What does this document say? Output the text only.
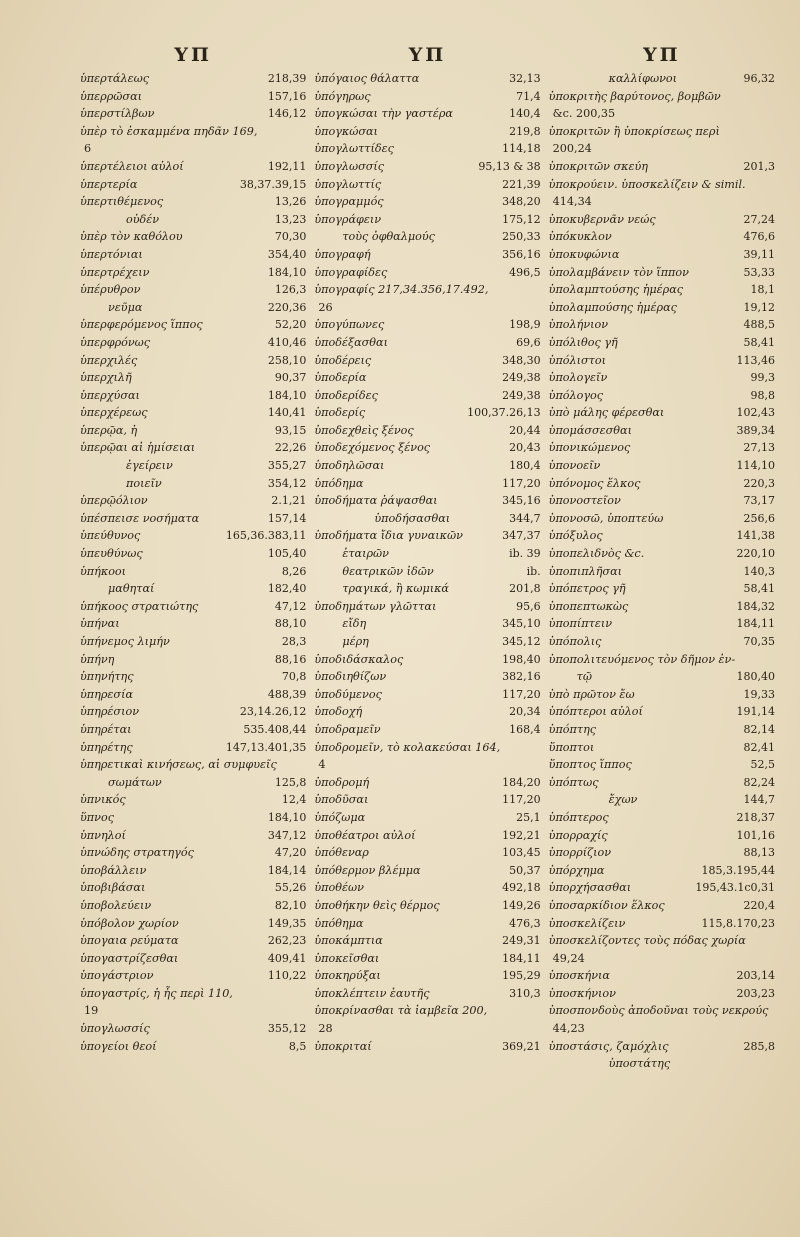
ΥΠ
ὑπερτάλεως	218,39
ὑπερρῶσαι	157,16
ὑπερστίλβων	146,12
ὑπὲρ τὸ ἐσκαμμένα πηδᾶν 169,
6
ὑπερτέλειοι αὐλοί	192,11
ὑπερτερία	38,37.39,15
ὑπερτιθέμενος	13,26
οὐδέν	13,23
ὑπὲρ τὸν καθόλου	70,30
ὑπερτόνιαι	354,40
ὑπερτρέχειν	184,10
ὑπέρυθρον	126,3
νεῦμα	220,36
ὑπερφερόμενος ἵππος	52,20
ὑπερφρόνως	410,46
ὑπερχιλές	258,10
ὑπερχιλῆ	90,37
ὑπερχύσαι	184,10
ὑπερχέρεως	140,41
ὑπερῷα, ἡ	93,15
ὑπερῷαι αἱ ἡμίσειαι	22,26
ἐγείρειν	355,27
ποιεῖν	354,12
ὑπερῷόλιον	2.1,21
ὑπέσπεισε νοσήματα	157,14
ὑπεύθυνος	165,36.383,11
ὑπευθύνως	105,40
ὑπήκοοι	8,26
μαθηταί	182,40
ὑπήκοος στρατιώτης	47,12
ὑπήναι	88,10
ὑπήνεμος λιμήν	28,3
ὑπήνη	88,16
ὑπηνήτης	70,8
ὑπηρεσία	488,39
ὑπηρέσιον	23,14.26,12
ὑπηρέται	535.408,44
ὑπηρέτης	147,13.401,35
ὑπηρετικαὶ κινήσεως, αἱ συμφυεῖς
σωμάτων	125,8
ὑπνικός	12,4
ὕπνος	184,10
ὑπνηλοί	347,12
ὑπνώδης στρατηγός	47,20
ὑποβάλλειν	184,14
ὑποβιβάσαι	55,26
ὑποβολεύειν	82,10
ὑπόβολον χωρίον	149,35
ὑπογαια ρεύματα	262,23
ὑπογαστρίζεσθαι	409,41
ὑπογάστριον	110,22
ὑπογαστρίς, ἡ ἧς περὶ 110,
19
ὑπογλωσσίς	355,12
ὑπογείοι θεοί	8,5
ΥΠ
ὑπόγαιος θάλαττα	32,13
ὑπόγηρως	71,4
ὑπογκώσαι τὴν γαστέρα	140,4
ὑπογκώσαι	219,8
ὑπογλωττίδες	114,18
ὑπογλωσσίς	95,13 & 38
ὑπογλωττίς	221,39
ὑπογραμμός	348,20
ὑπογράφειν	175,12
τοὺς ὀφθαλμούς	250,33
ὑπογραφή	356,16
ὑπογραφίδες	496,5
ὑπογραφίς 217,34.356,17.492,
26
ὑπογύπωνες	198,9
ὑποδέξασθαι	69,6
ὑποδέρεις	348,30
ὑποδερία	249,38
ὑποδερίδες	249,38
ὑποδερίς	100,37.26,13
ὑποδεχθεὶς ξένος	20,44
ὑποδεχόμενος ξένος	20,43
ὑποδηλῶσαι	180,4
ὑπόδημα	117,20
ὑποδήματα ῥάψασθαι	345,16
ὑποδήσασθαι	344,7
ὑποδήματα ἴδια γυναικῶν	347,37
ἑταιρῶν	ib. 39
θεατρικῶν ἰδῶν	ib.
τραγικά, ἢ κωμικά	201,8
ὑποδημάτων γλῶτται	95,6
εἴδη	345,10
μέρη	345,12
ὑποδιδάσκαλος	198,40
ὑποδιηθίζων	382,16
ὑποδύμενος	117,20
ὑποδοχή	20,34
ὑποδραμεῖν	168,4
ὑποδρομεῖν, τὸ κολακεύσαι 164,
4
ὑποδρομή	184,20
ὑποδῦσαι	117,20
ὑπόζωμα	25,1
ὑποθέατροι αὐλοί	192,21
ὑπόθεναρ	103,45
ὑπόθερμον βλέμμα	50,37
ὑποθέων	492,18
ὑποθήκην θεὶς θέρμος	149,26
ὑπόθημα	476,3
ὑποκάμπτια	249,31
ὑποκεῖσθαι	184,11
ὑποκηρύξαι	195,29
ὑποκλέπτειν ἑαυτῆς	310,3
ὑποκρίνασθαι τὰ ἰαμβεῖα 200,
28
ὑποκριταί	369,21
ΥΠ
καλλίφωνοι	96,32
ὑποκριτὴς βαρύτονος, βομβῶν
&c. 200,35
ὑποκριτῶν ἢ ὑποκρίσεως περὶ
200,24
ὑποκριτῶν σκεύη	201,3
ὑποκρούειν. ὑποσκελίζειν & simil.
414,34
ὑποκυβερνᾶν νεώς	27,24
ὑπόκυκλον	476,6
ὑποκυφώνια	39,11
ὑπολαμβάνειν τὸν ἵππον	53,33
ὑπολαμπτούσης ἡμέρας	18,1
ὑπολαμπούσης ἡμέρας	19,12
ὑπολήνιον	488,5
ὑπόλιθος γῆ	58,41
ὑπόλιστοι	113,46
ὑπολογεῖν	99,3
ὑπόλογος	98,8
ὑπὸ μάλης φέρεσθαι	102,43
ὑπομάσσεσθαι	389,34
ὑπονικώμενος	27,13
ὑπονοεῖν	114,10
ὑπόνομος ἕλκος	220,3
ὑπονοστεῖον	73,17
ὑπονοσῶ, ὑποπτεύω	256,6
ὑπόξυλος	141,38
ὑποπελιδνὸς &c.	220,10
ὑποπιπλῆσαι	140,3
ὑπόπετρος γῆ	58,41
ὑποπεπτωκὼς	184,32
ὑποπίπτειν	184,11
ὑπόπολις	70,35
ὑποπολιτευόμενος τὸν δῆμον ἐν-
τῷ	180,40
ὑπὸ πρῶτον ἔω	19,33
ὑπόπτεροι αὐλοί	191,14
ὑπόπτης	82,14
ὕποπτοι	82,41
ὕποπτος ἵππος	52,5
ὑπόπτως	82,24
ἔχων	144,7
ὑπόπτερος	218,37
ὑπορραχίς	101,16
ὑπορρίζιον	88,13
ὑπόρχημα	185,3.195,44
ὑπορχήσασθαι	195,43.1c0,31
ὑποσαρκίδιον ἕλκος	220,4
ὑποσκελίζειν	115,8.170,23
ὑποσκελίζοντες τοὺς πόδας χωρία
49,24
ὑποσκήνια	203,14
ὑποσκήνιον	203,23
ὑποσπονδοὺς ἀποδοῦναι τοὺς νεκρούς
44,23
ὑποστάσις, ζαμόχλις	285,8
ὑποστάτης
